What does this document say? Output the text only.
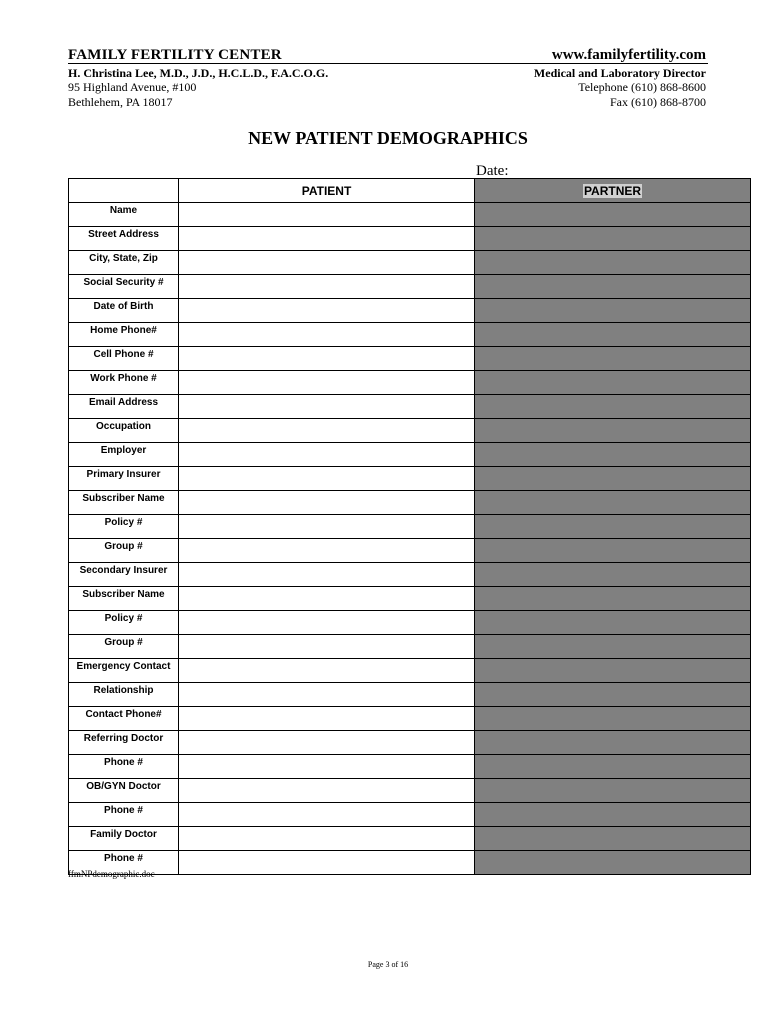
FAMILY FERTILITY CENTER
H. Christina Lee, M.D., J.D., H.C.L.D., F.A.C.O.G.
95 Highland Avenue, #100
Bethlehem, PA 18017
www.familyfertility.com
Medical and Laboratory Director
Telephone (610) 868-8600
Fax (610) 868-8700
NEW PATIENT DEMOGRAPHICS
Date:
	PATIENT	PARTNER
Name		
Street Address		
City, State, Zip		
Social Security #		
Date of Birth		
Home Phone#		
Cell Phone #		
Work Phone #		
Email Address		
Occupation		
Employer		
Primary Insurer		
Subscriber Name		
Policy #		
Group #		
Secondary Insurer		
Subscriber Name		
Policy #		
Group #		
Emergency Contact		
Relationship		
Contact Phone#		
Referring Doctor		
Phone #		
OB/GYN Doctor		
Phone #		
Family Doctor		
Phone #		
ffmNPdemographic.doc
Page 3 of 16
